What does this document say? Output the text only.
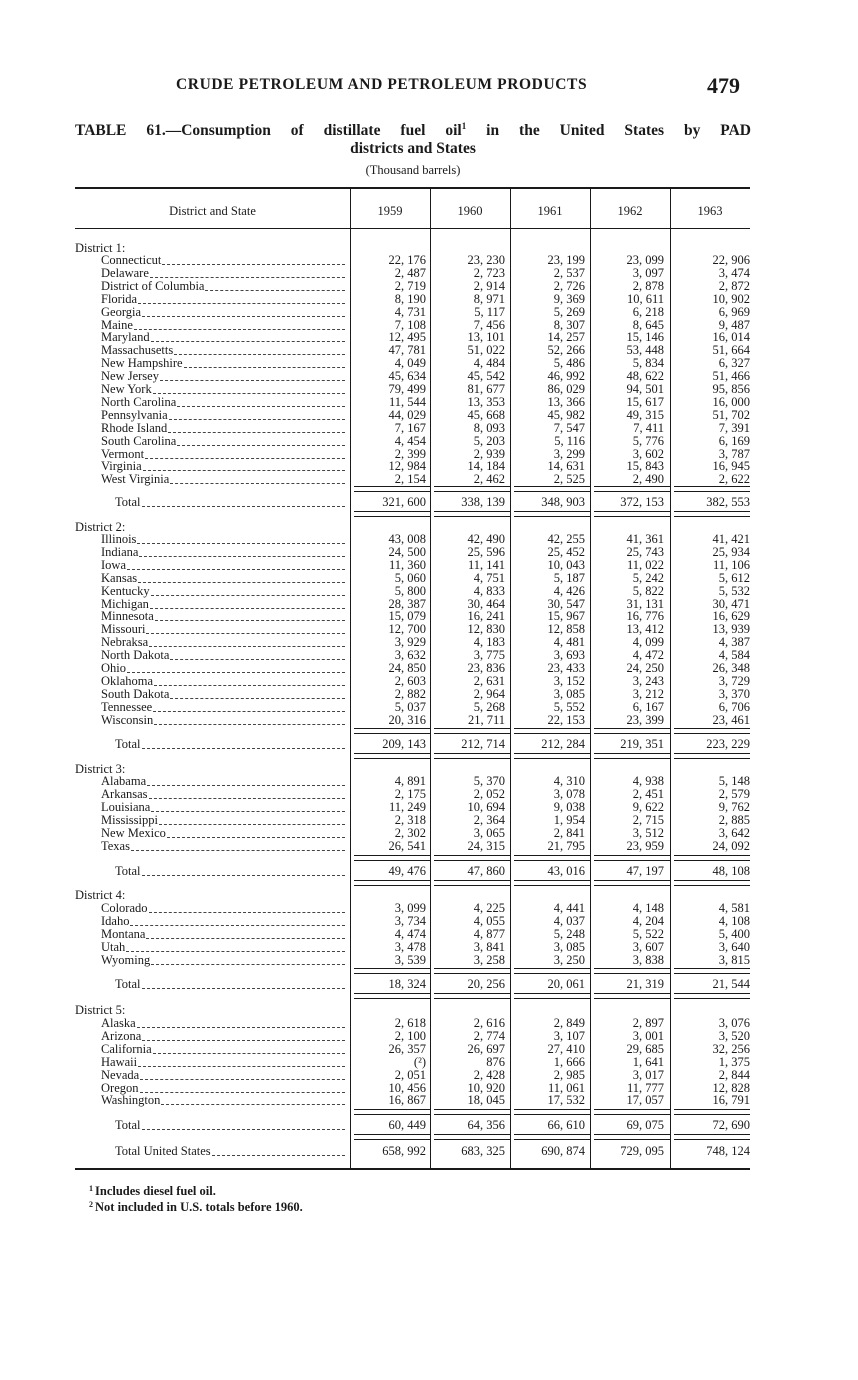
CRUDE PETROLEUM AND PETROLEUM PRODUCTS	479
TABLE 61.—Consumption of distillate fuel oil$^1$ in the United States by PAD
districts and States
(Thousand barrels)
District and State	1959	1960	1961	1962	1963
District 1:
Connecticut	22, 176	23, 230	23, 199	23, 099	22, 906
Delaware	2, 487	2, 723	2, 537	3, 097	3, 474
District of Columbia	2, 719	2, 914	2, 726	2, 878	2, 872
Florida	8, 190	8, 971	9, 369	10, 611	10, 902
Georgia	4, 731	5, 117	5, 269	6, 218	6, 969
Maine	7, 108	7, 456	8, 307	8, 645	9, 487
Maryland	12, 495	13, 101	14, 257	15, 146	16, 014
Massachusetts	47, 781	51, 022	52, 266	53, 448	51, 664
New Hampshire	4, 049	4, 484	5, 486	5, 834	6, 327
New Jersey	45, 634	45, 542	46, 992	48, 622	51, 466
New York	79, 499	81, 677	86, 029	94, 501	95, 856
North Carolina	11, 544	13, 353	13, 366	15, 617	16, 000
Pennsylvania	44, 029	45, 668	45, 982	49, 315	51, 702
Rhode Island	7, 167	8, 093	7, 547	7, 411	7, 391
South Carolina	4, 454	5, 203	5, 116	5, 776	6, 169
Vermont	2, 399	2, 939	3, 299	3, 602	3, 787
Virginia	12, 984	14, 184	14, 631	15, 843	16, 945
West Virginia	2, 154	2, 462	2, 525	2, 490	2, 622
Total	321, 600	338, 139	348, 903	372, 153	382, 553
District 2:
Illinois	43, 008	42, 490	42, 255	41, 361	41, 421
Indiana	24, 500	25, 596	25, 452	25, 743	25, 934
Iowa	11, 360	11, 141	10, 043	11, 022	11, 106
Kansas	5, 060	4, 751	5, 187	5, 242	5, 612
Kentucky	5, 800	4, 833	4, 426	5, 822	5, 532
Michigan	28, 387	30, 464	30, 547	31, 131	30, 471
Minnesota	15, 079	16, 241	15, 967	16, 776	16, 629
Missouri	12, 700	12, 830	12, 858	13, 412	13, 939
Nebraksa	3, 929	4, 183	4, 481	4, 099	4, 387
North Dakota	3, 632	3, 775	3, 693	4, 472	4, 584
Ohio	24, 850	23, 836	23, 433	24, 250	26, 348
Oklahoma	2, 603	2, 631	3, 152	3, 243	3, 729
South Dakota	2, 882	2, 964	3, 085	3, 212	3, 370
Tennessee	5, 037	5, 268	5, 552	6, 167	6, 706
Wisconsin	20, 316	21, 711	22, 153	23, 399	23, 461
Total	209, 143	212, 714	212, 284	219, 351	223, 229
District 3:
Alabama	4, 891	5, 370	4, 310	4, 938	5, 148
Arkansas	2, 175	2, 052	3, 078	2, 451	2, 579
Louisiana	11, 249	10, 694	9, 038	9, 622	9, 762
Mississippi	2, 318	2, 364	1, 954	2, 715	2, 885
New Mexico	2, 302	3, 065	2, 841	3, 512	3, 642
Texas	26, 541	24, 315	21, 795	23, 959	24, 092
Total	49, 476	47, 860	43, 016	47, 197	48, 108
District 4:
Colorado	3, 099	4, 225	4, 441	4, 148	4, 581
Idaho	3, 734	4, 055	4, 037	4, 204	4, 108
Montana	4, 474	4, 877	5, 248	5, 522	5, 400
Utah	3, 478	3, 841	3, 085	3, 607	3, 640
Wyoming	3, 539	3, 258	3, 250	3, 838	3, 815
Total	18, 324	20, 256	20, 061	21, 319	21, 544
District 5:
Alaska	2, 618	2, 616	2, 849	2, 897	3, 076
Arizona	2, 100	2, 774	3, 107	3, 001	3, 520
California	26, 357	26, 697	27, 410	29, 685	32, 256
Hawaii	(²)	876	1, 666	1, 641	1, 375
Nevada	2, 051	2, 428	2, 985	3, 017	2, 844
Oregon	10, 456	10, 920	11, 061	11, 777	12, 828
Washington	16, 867	18, 045	17, 532	17, 057	16, 791
Total	60, 449	64, 356	66, 610	69, 075	72, 690
Total United States	658, 992	683, 325	690, 874	729, 095	748, 124
$^1$ Includes diesel fuel oil.
$^2$ Not included in U.S. totals before 1960.
